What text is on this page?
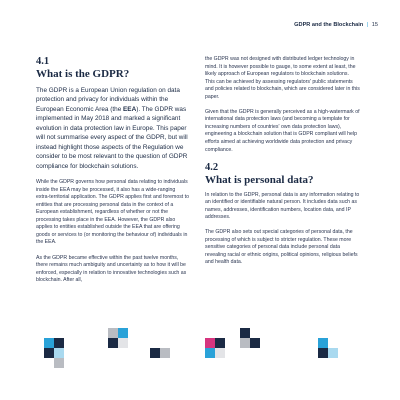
GDPR and the Blockchain | 15
4.1
What is the GDPR?

The GDPR is a European Union regulation on data protection and privacy for individuals within the European Economic Area (the EEA). The GDPR was implemented in May 2018 and marked a significant evolution in data protection law in Europe. This paper will not summarise every aspect of the GDPR, but will instead highlight those aspects of the Regulation we consider to be most relevant to the question of GDPR compliance for blockchain solutions.

While the GDPR governs how personal data relating to individuals inside the EEA may be processed, it also has a wide-ranging extra-territorial application. The GDPR applies first and foremost to entities that are processing personal data in the context of a European establishment, regardless of whether or not the processing takes place in the EEA. However, the GDPR also applies to entities established outside the EEA that are offering goods or services to (or monitoring the behaviour of) individuals in the EEA.

As the GDPR became effective within the past twelve months, there remains much ambiguity and uncertainty as to how it will be enforced, especially in relation to innovative technologies such as blockchain. After all,

the GDPR was not designed with distributed ledger technology in mind. It is however possible to gauge, to some extent at least, the likely approach of European regulators to blockchain solutions. This can be achieved by assessing regulators' public statements and policies related to blockchain, which are considered later in this paper.

Given that the GDPR is generally perceived as a high-watermark of international data protection laws (and becoming a template for increasing numbers of countries' own data protection laws), engineering a blockchain solution that is GDPR compliant will help efforts aimed at achieving worldwide data protection and privacy compliance.

4.2
What is personal data?

In relation to the GDPR, personal data is any information relating to an identified or identifiable natural person. It includes data such as names, addresses, identification numbers, location data, and IP addresses.

The GDPR also sets out special categories of personal data, the processing of which is subject to stricter regulation. These more sensitive categories of personal data include personal data revealing racial or ethnic origins, political opinions, religious beliefs and health data.
